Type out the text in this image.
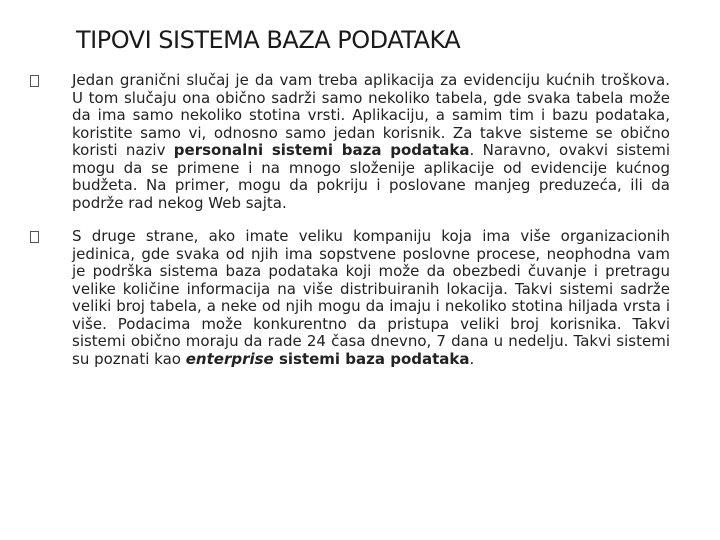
TIPOVI SISTEMA BAZA PODATAKA

Jedan granični slučaj je da vam treba aplikacija za evidenciju kućnih troškova. U tom slučaju ona obično sadrži samo nekoliko tabela, gde svaka tabela može da ima samo nekoliko stotina vrsti. Aplikaciju, a samim tim i bazu podataka, koristite samo vi, odnosno samo jedan korisnik. Za takve sisteme se obično koristi naziv personalni sistemi baza podataka. Naravno, ovakvi sistemi mogu da se primene i na mnogo složenije aplikacije od evidencije kućnog budžeta. Na primer, mogu da pokriju i poslovane manjeg preduzeća, ili da podrže rad nekog Web sajta.

S druge strane, ako imate veliku kompaniju koja ima više organizacionih jedinica, gde svaka od njih ima sopstvene poslovne procese, neophodna vam je podrška sistema baza podataka koji može da obezbedi čuvanje i pretragu velike količine informacija na više distribuiranih lokacija. Takvi sistemi sadrže veliki broj tabela, a neke od njih mogu da imaju i nekoliko stotina hiljada vrsta i više. Podacima može konkurentno da pristupa veliki broj korisnika. Takvi sistemi obično moraju da rade 24 časa dnevno, 7 dana u nedelju. Takvi sistemi su poznati kao enterprise sistemi baza podataka.
